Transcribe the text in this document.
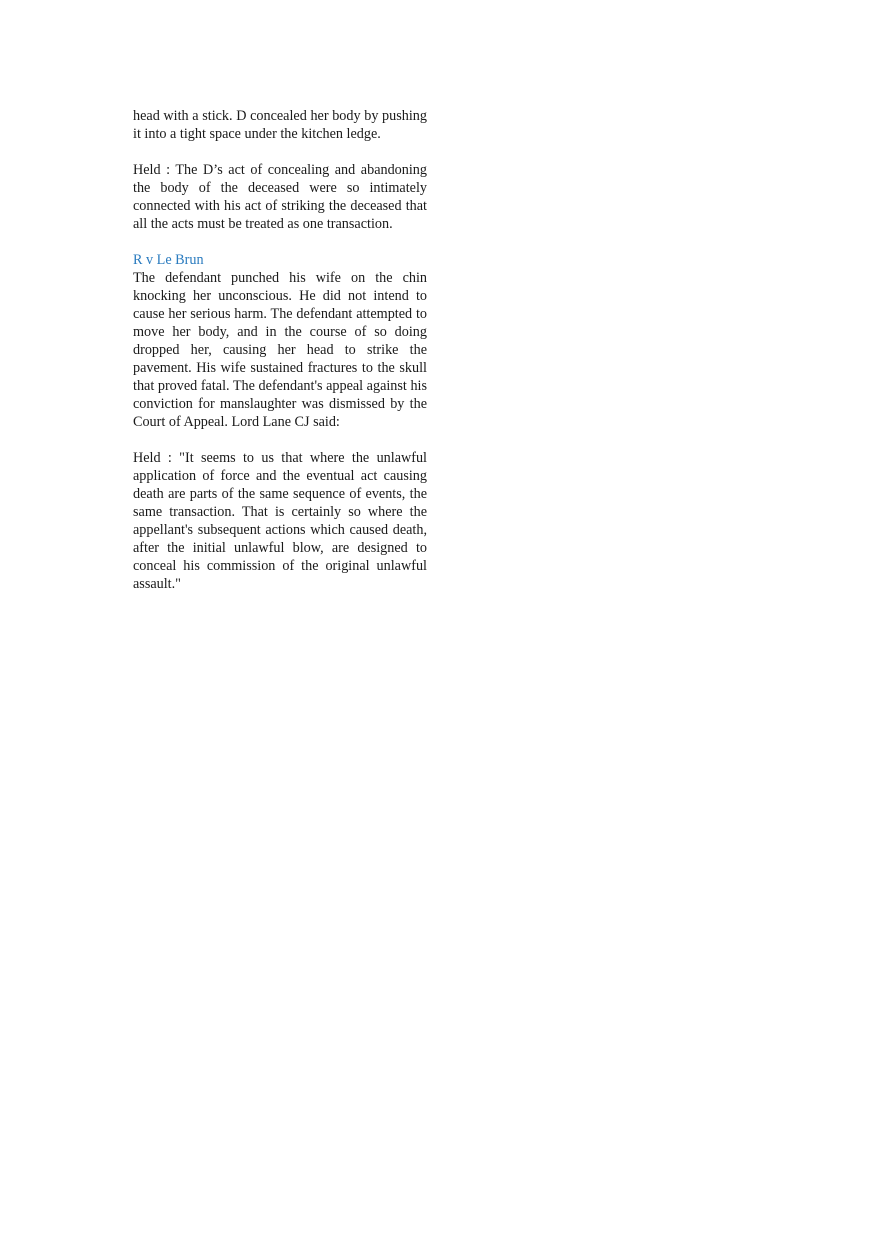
head with a stick. D concealed her body by pushing it into a tight space under the kitchen ledge.

Held : The D’s act of concealing and abandoning the body of the deceased were so intimately connected with his act of striking the deceased that all the acts must be treated as one transaction.

R v Le Brun

The defendant punched his wife on the chin knocking her unconscious. He did not intend to cause her serious harm. The defendant attempted to move her body, and in the course of so doing dropped her, causing her head to strike the pavement. His wife sustained fractures to the skull that proved fatal. The defendant's appeal against his conviction for manslaughter was dismissed by the Court of Appeal. Lord Lane CJ said:

Held : "It seems to us that where the unlawful application of force and the eventual act causing death are parts of the same sequence of events, the same transaction. That is certainly so where the appellant's subsequent actions which caused death, after the initial unlawful blow, are designed to conceal his commission of the original unlawful assault."
